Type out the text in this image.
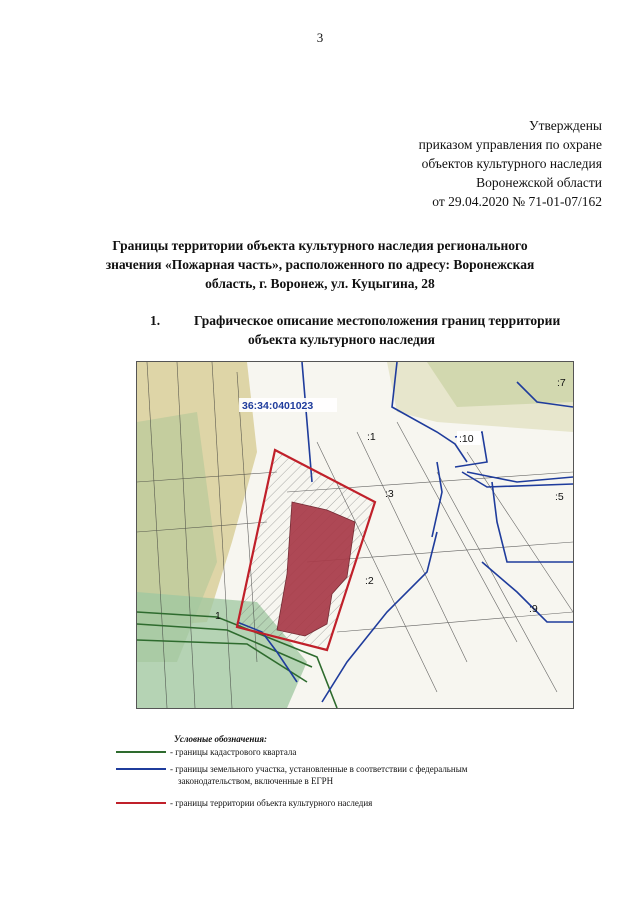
3
Утверждены
приказом управления по охране
объектов культурного наследия
Воронежской области
от 29.04.2020 № 71-01-07/162
Границы территории объекта культурного наследия регионального
значения «Пожарная часть», расположенного по адресу: Воронежская
область, г. Воронеж, ул. Куцыгина, 28
1.	Графическое описание местоположения границ территории
объекта культурного наследия
36:34:0401023
:7
:1	:10
:3	:5
:2
:9
1
Условные обозначения:
- границы кадастрового квартала
- границы земельного участка, установленные в соответствии с федеральным
законодательством, включенные в ЕГРН
- границы территории объекта культурного наследия
